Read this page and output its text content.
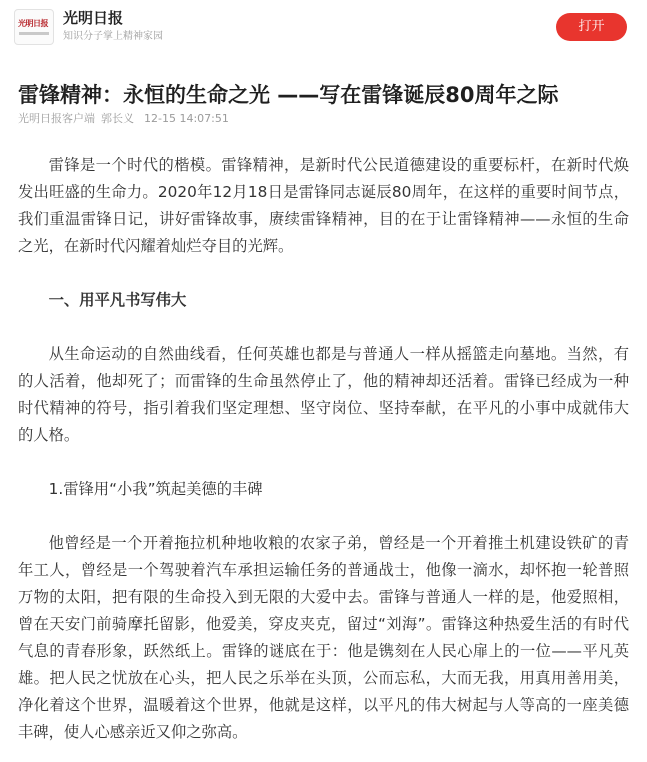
光明日报 光明日报
知识分子掌上精神家园
打开
雷锋精神：永恒的生命之光 ——写在雷锋诞辰80周年之际
光明日报客户端 郭长义 12-15 14:07:51

雷锋是一个时代的楷模。雷锋精神，是新时代公民道德建设的重要标杆，在新时代焕发出旺盛的生命力。2020年12月18日是雷锋同志诞辰80周年，在这样的重要时间节点，我们重温雷锋日记，讲好雷锋故事，赓续雷锋精神，目的在于让雷锋精神——永恒的生命之光，在新时代闪耀着灿烂夺目的光辉。

一、用平凡书写伟大

从生命运动的自然曲线看，任何英雄也都是与普通人一样从摇篮走向墓地。当然，有的人活着，他却死了；而雷锋的生命虽然停止了，他的精神却还活着。雷锋已经成为一种时代精神的符号，指引着我们坚定理想、坚守岗位、坚持奉献，在平凡的小事中成就伟大的人格。

1.雷锋用“小我”筑起美德的丰碑

他曾经是一个开着拖拉机种地收粮的农家子弟，曾经是一个开着推土机建设铁矿的青年工人，曾经是一个驾驶着汽车承担运输任务的普通战士，他像一滴水，却怀抱一轮普照万物的太阳，把有限的生命投入到无限的大爱中去。雷锋与普通人一样的是，他爱照相，曾在天安门前骑摩托留影，他爱美，穿皮夹克，留过“刘海”。雷锋这种热爱生活的有时代气息的青春形象，跃然纸上。雷锋的谜底在于：他是镌刻在人民心扉上的一位——平凡英雄。把人民之忧放在心头，把人民之乐举在头顶，公而忘私，大而无我，用真用善用美，净化着这个世界，温暖着这个世界，他就是这样，以平凡的伟大树起与人等高的一座美德丰碑，使人心感亲近又仰之弥高。
